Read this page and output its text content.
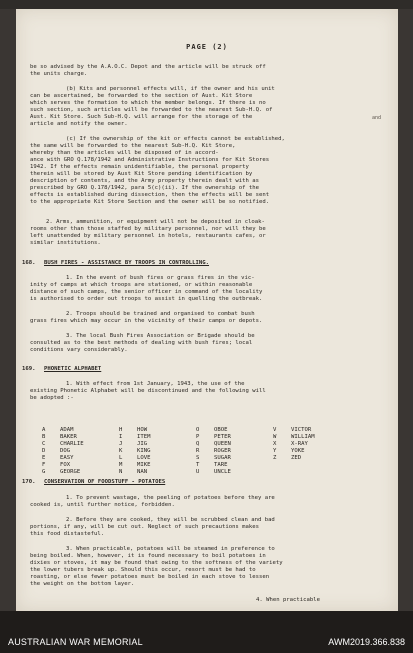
PAGE (2)
be so advised by the A.A.O.C. Depot and the article will be struck off
the units charge.
(b) Kits and personnel effects will, if the owner and his unit
can be ascertained, be forwarded to the section of Aust. Kit Store
which serves the formation to which the member belongs. If there is no
such section, such articles will be forwarded to the nearest Sub-H.Q. of
Aust. Kit Store. Such Sub-H.Q. will arrange for the storage of the
article and notify the owner.
and
(c) If the ownership of the kit or effects cannot be established,
the same will be forwarded to the nearest Sub-H.Q. Kit Store,
whereby than the articles will be disposed of in accord-
ance with GRO Q.178/1942 and Administrative Instructions for Kit Stores
1942. If the effects remain unidentifiable, the personal property
therein will be stored by Aust Kit Store pending identification by
description of contents, and the Army property therein dealt with as
prescribed by GRO Q.178/1942, para 5(c)(ii). If the ownership of the
effects is established during dissection, then the effects will be sent
to the appropriate Kit Store Section and the owner will be so notified.
2. Arms, ammunition, or equipment will not be deposited in cloak-
rooms other than those staffed by military personnel, nor will they be
left unattended by military personnel in hotels, restaurants cafes, or
similar institutions.
168. BUSH FIRES - ASSISTANCE BY TROOPS IN CONTROLLING.
1. In the event of bush fires or grass fires in the vic-
inity of camps at which troops are stationed, or within reasonable
distance of such camps, the senior officer in command of the locality
is authorised to order out troops to assist in quelling the outbreak.
2. Troops should be trained and organised to combat bush
grass fires which may occur in the vicinity of their camps or depots.
3. The local Bush Fires Association or Brigade should be
consulted as to the best methods of dealing with bush fires; local
conditions vary considerably.
169. PHONETIC ALPHABET
1. With effect from 1st January, 1943, the use of the
existing Phonetic Alphabet will be discontinued and the following will
be adopted :-
A	ADAM	H	HOW	O	OBOE	V	VICTOR
B	BAKER	I	ITEM	P	PETER	W	WILLIAM
C	CHARLIE	J	JIG	Q	QUEEN	X	X-RAY
D	DOG	K	KING	R	ROGER	Y	YOKE
E	EASY	L	LOVE	S	SUGAR	Z	ZED
F	FOX	M	MIKE	T	TARE
G	GEORGE	N	NAN	U	UNCLE
170. CONSERVATION OF FOODSTUFF - POTATOES
1. To prevent wastage, the peeling of potatoes before they are
cooked is, until further notice, forbidden.
2. Before they are cooked, they will be scrubbed clean and bad
portions, if any, will be cut out. Neglect of such precautions makes
this food distasteful.
3. When practicable, potatoes will be steamed in preference to
being boiled. When, however, it is found necessary to boil potatoes in
dixies or stoves, it may be found that owing to the softness of the variety
the lower tubers break up. Should this occur, resort must be had to
roasting, or else fewer potatoes must be boiled in each stove to lessen
the weight on the bottom layer.
4. When practicable
AUSTRALIAN WAR MEMORIAL	AWM2019.366.838
